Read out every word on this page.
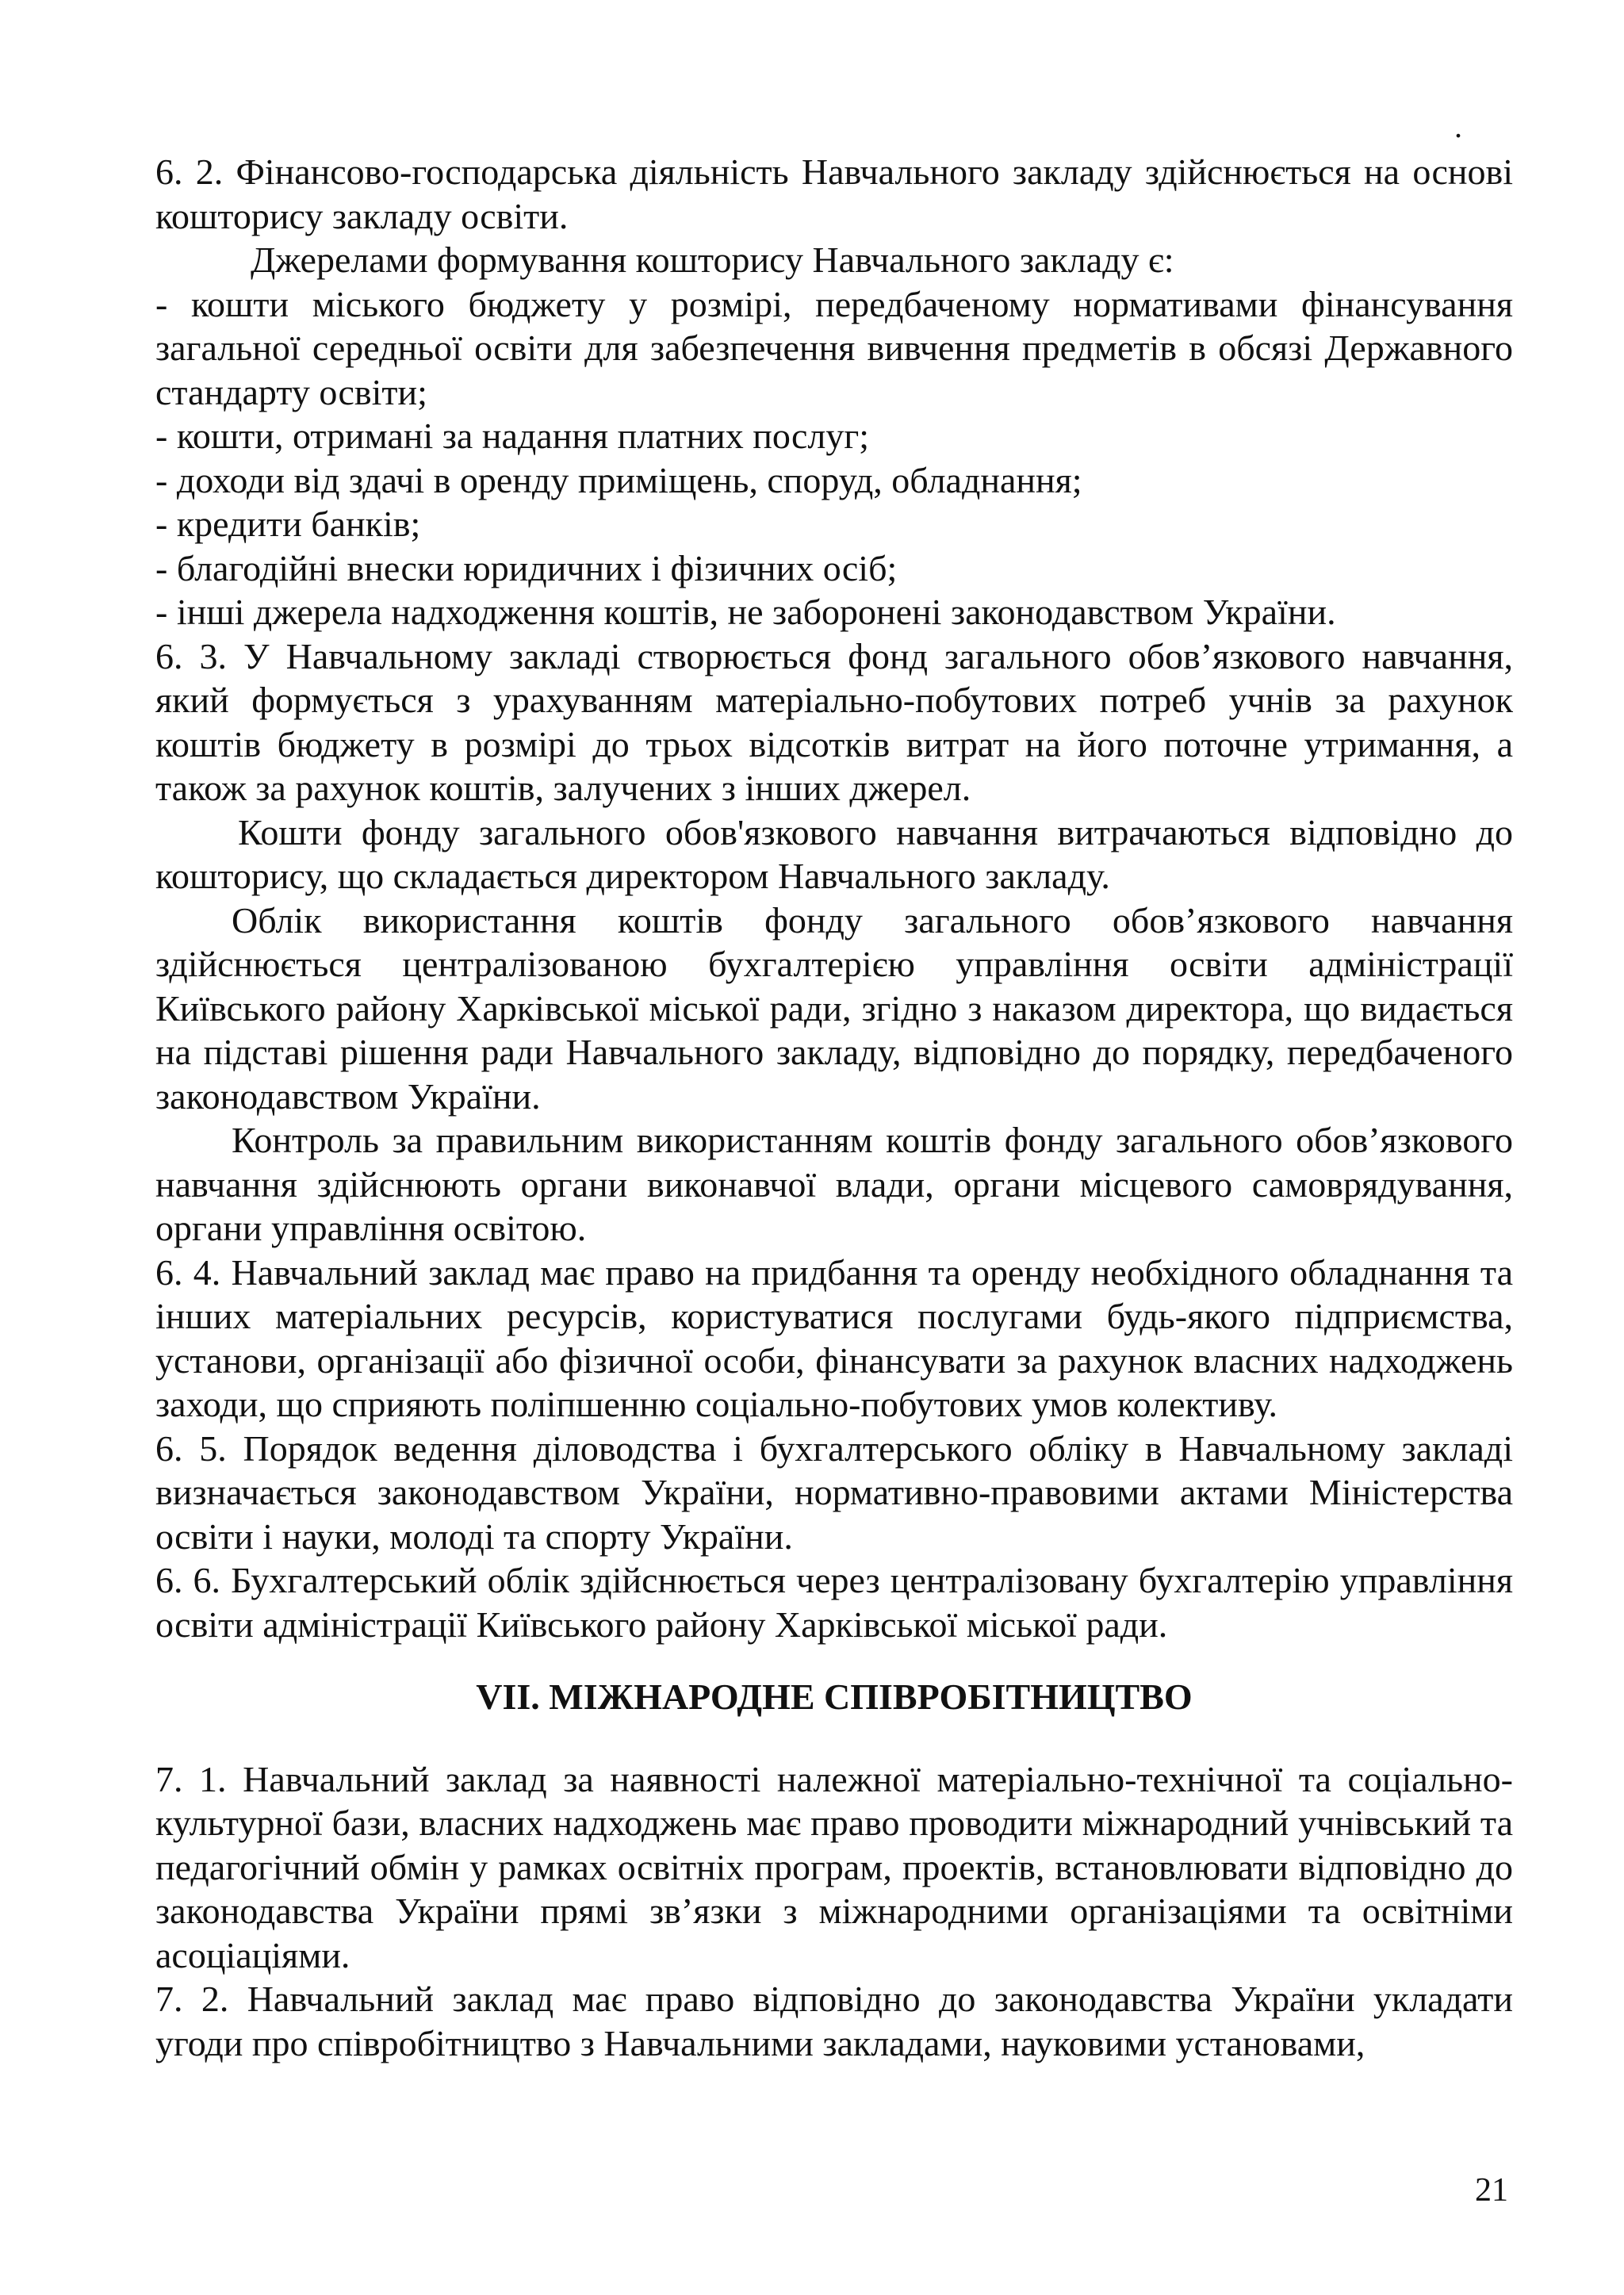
.

6. 2. Фінансово-господарська діяльність Навчального закладу здійснюється на основі кошторису закладу освіти.

Джерелами формування кошторису Навчального закладу є:

- кошти міського бюджету у розмірі, передбаченому нормативами фінансування загальної середньої освіти для забезпечення вивчення предметів в обсязі Державного стандарту освіти;

- кошти, отримані за надання платних послуг;

- доходи від здачі в оренду приміщень, споруд, обладнання;

- кредити банків;

- благодійні внески юридичних і фізичних осіб;

- інші джерела надходження коштів, не заборонені законодавством України.

6. 3. У Навчальному закладі створюється фонд загального обов’язкового навчання, який формується з урахуванням матеріально-побутових потреб учнів за рахунок коштів бюджету в розмірі до трьох відсотків витрат на його поточне утримання, а також за рахунок коштів, залучених з інших джерел.

Кошти фонду загального обов'язкового навчання витрачаються відповідно до кошторису, що складається директором Навчального закладу.

Облік використання коштів фонду загального обов’язкового навчання здійснюється централізованою бухгалтерією управління освіти адміністрації Київського району Харківської міської ради, згідно з наказом директора, що видається на підставі рішення ради Навчального закладу, відповідно до порядку, передбаченого законодавством України.

Контроль за правильним використанням коштів фонду загального обов’язкового навчання здійснюють органи виконавчої влади, органи місцевого самоврядування, органи управління освітою.

6. 4. Навчальний заклад має право на придбання та оренду необхідного обладнання та інших матеріальних ресурсів, користуватися послугами будь-якого підприємства, установи, організації або фізичної особи, фінансувати за рахунок власних надходжень заходи, що сприяють поліпшенню соціально-побутових умов колективу.

6. 5. Порядок ведення діловодства і бухгалтерського обліку в Навчальному закладі визначається законодавством України, нормативно-правовими актами Міністерства освіти і науки, молоді та спорту України.

6. 6. Бухгалтерський облік здійснюється через централізовану бухгалтерію управління освіти адміністрації Київського району Харківської міської ради.

VII. МІЖНАРОДНЕ СПІВРОБІТНИЦТВО

7. 1. Навчальний заклад за наявності належної матеріально-технічної та соціально-культурної бази, власних надходжень має право проводити міжнародний учнівський та педагогічний обмін у рамках освітніх програм, проектів, встановлювати відповідно до законодавства України прямі зв’язки з міжнародними організаціями та освітніми асоціаціями.

7. 2. Навчальний заклад має право відповідно до законодавства України укладати угоди про співробітництво з Навчальними закладами, науковими установами,

21
